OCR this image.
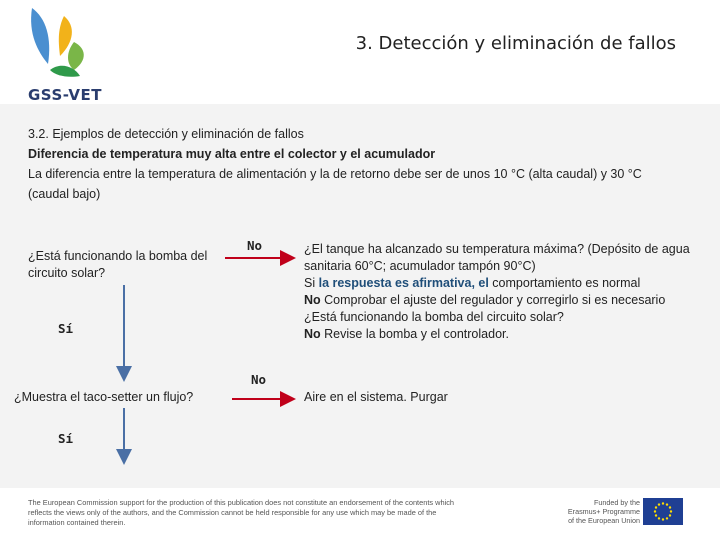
GSS-VET
3. Detección y eliminación de fallos
3.2. Ejemplos de detección y eliminación de fallos
Diferencia de temperatura muy alta entre el colector y el acumulador
La diferencia entre la temperatura de alimentación y la de retorno debe ser de unos 10 °C (alta caudal) y 30 °C (caudal bajo)
¿Está funcionando la bomba del circuito solar?
¿Muestra el taco-setter un flujo?
No
Sí
No
Sí
¿El tanque ha alcanzado su temperatura máxima? (Depósito de agua sanitaria 60°C; acumulador tampón 90°C)
Si la respuesta es afirmativa, el comportamiento es normal
No Comprobar el ajuste del regulador y corregirlo si es necesario
¿Está funcionando la bomba del circuito solar?
No Revise la bomba y el controlador.
Aire en el sistema. Purgar
The European Commission support for the production of this publication does not constitute an endorsement of the contents which reflects the views only of the authors, and the Commission cannot be held responsible for any use which may be made of the information contained therein.
Funded by the Erasmus+ Programme of the European Union
